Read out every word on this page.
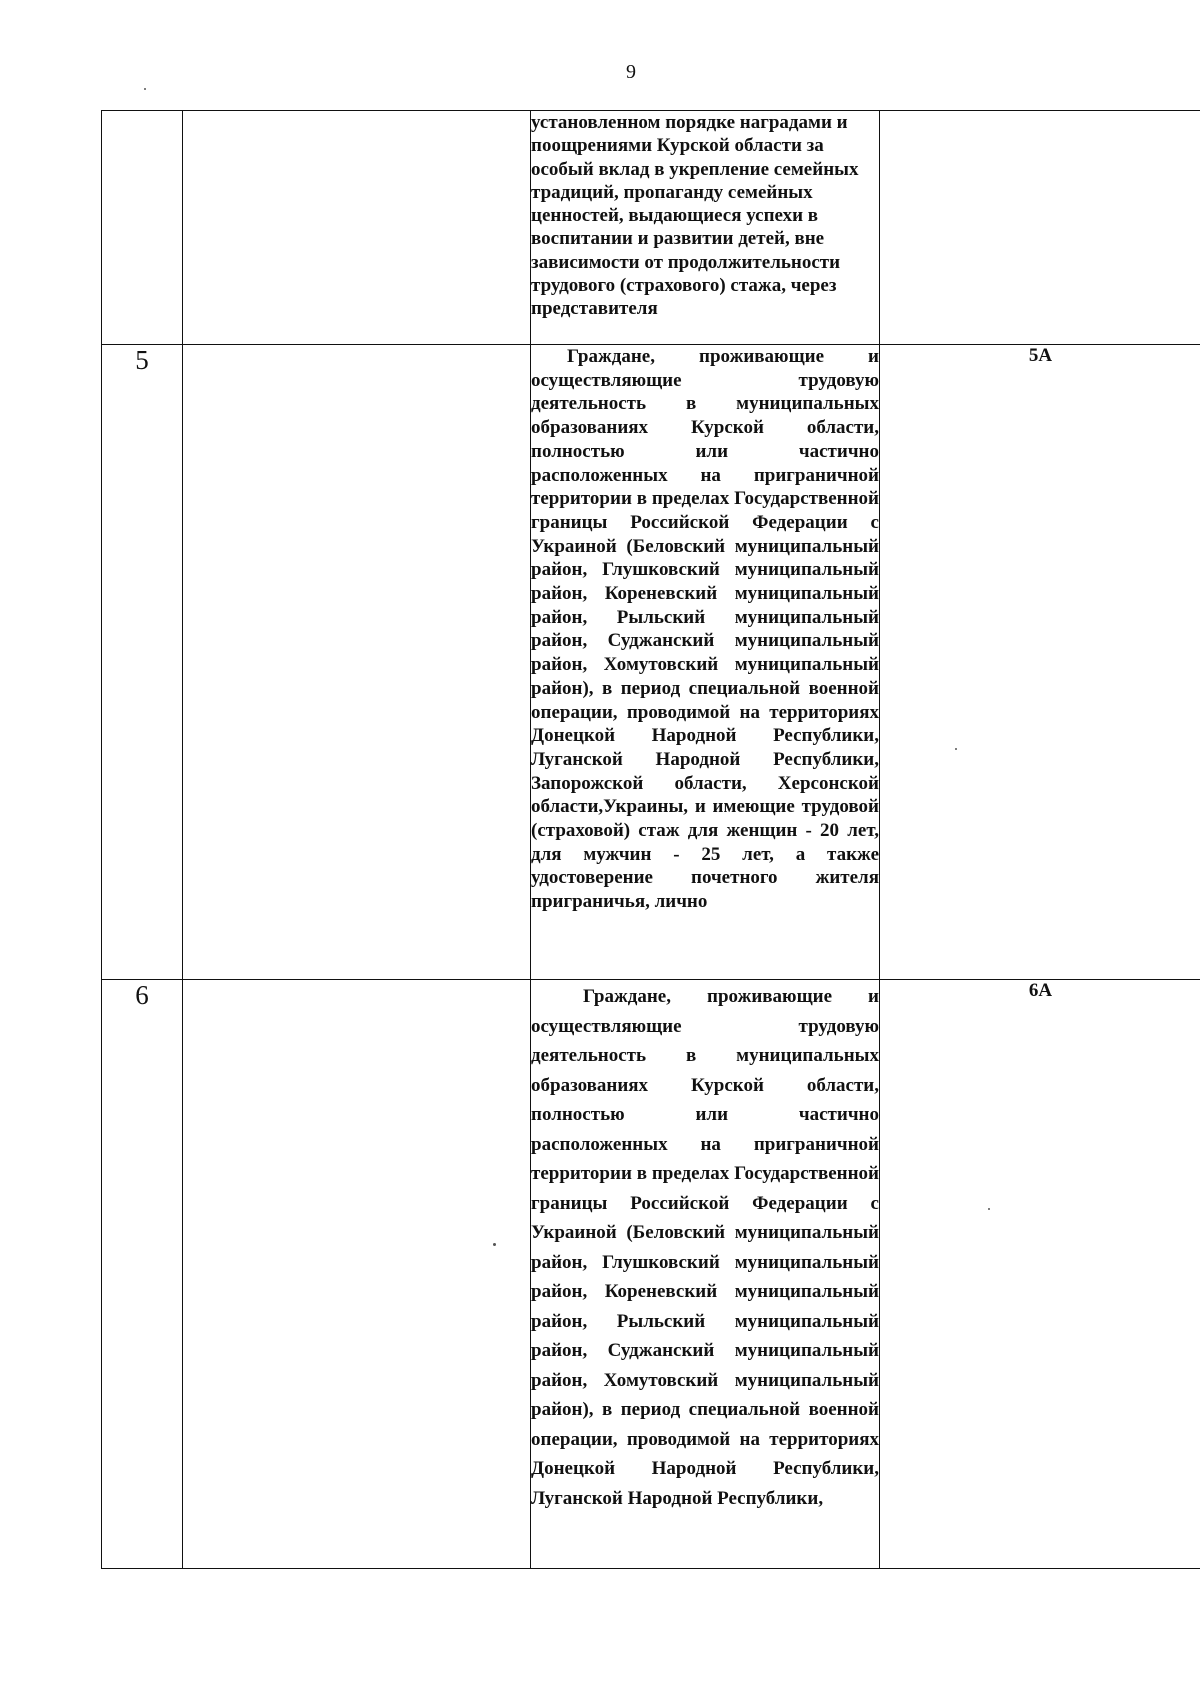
9

		установленном порядке наградами и поощрениями Курской области за особый вклад в укрепление семейных традиций, пропаганду семейных ценностей, выдающиеся успехи в воспитании и развитии детей, вне зависимости от продолжительности трудового (страхового) стажа, через представителя	

5		Граждане, проживающие и осуществляющие трудовую деятельность в муниципальных образованиях Курской области, полностью или частично расположенных на приграничной территории в пределах Государственной границы Российской Федерации с Украиной (Беловский муниципальный район, Глушковский муниципальный район, Кореневский муниципальный район, Рыльский муниципальный район, Суджанский муниципальный район, Хомутовский муниципальный район), в период специальной военной операции, проводимой на территориях Донецкой Народной Республики, Луганской Народной Республики, Запорожской области, Херсонской области,Украины, и имеющие трудовой (страховой) стаж для женщин - 20 лет, для мужчин - 25 лет, а также удостоверение почетного жителя приграничья, лично	5А
6		Граждане, проживающие и осуществляющие трудовую деятельность в муниципальных образованиях Курской области, полностью или частично расположенных на приграничной территории в пределах Государственной границы Российской Федерации с Украиной (Беловский муниципальный район, Глушковский муниципальный район, Кореневский муниципальный район, Рыльский муниципальный район, Суджанский муниципальный район, Хомутовский муниципальный район), в период специальной военной операции, проводимой на территориях Донецкой Народной Республики, Луганской Народной Республики,	6А
